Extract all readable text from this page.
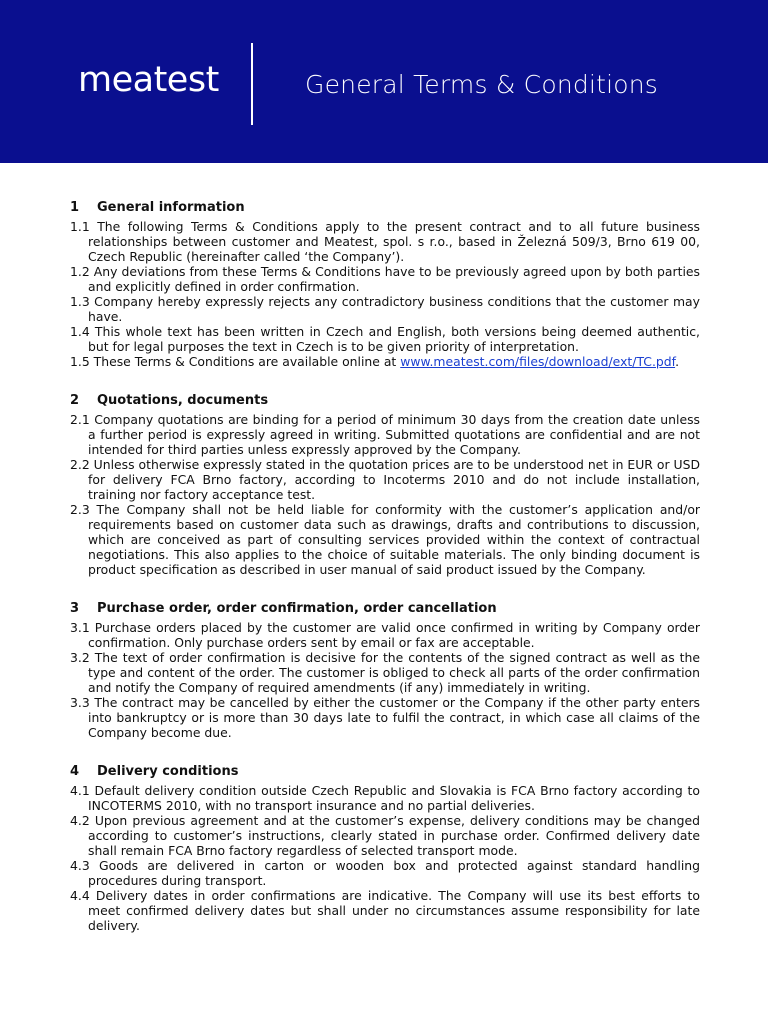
meatest	General Terms & Conditions
1	General information

1.1 The following Terms & Conditions apply to the present contract and to all future business relationships between customer and Meatest, spol. s r.o., based in Železná 509/3, Brno 619 00, Czech Republic (hereinafter called ‘the Company’).

1.2 Any deviations from these Terms & Conditions have to be previously agreed upon by both parties and explicitly defined in order confirmation.

1.3 Company hereby expressly rejects any contradictory business conditions that the customer may have.

1.4 This whole text has been written in Czech and English, both versions being deemed authentic, but for legal purposes the text in Czech is to be given priority of interpretation.

1.5 These Terms & Conditions are available online at www.meatest.com/files/download/ext/TC.pdf.

2	Quotations, documents

2.1 Company quotations are binding for a period of minimum 30 days from the creation date unless a further period is expressly agreed in writing. Submitted quotations are confidential and are not intended for third parties unless expressly approved by the Company.

2.2 Unless otherwise expressly stated in the quotation prices are to be understood net in EUR or USD for delivery FCA Brno factory, according to Incoterms 2010 and do not include installation, training nor factory acceptance test.

2.3 The Company shall not be held liable for conformity with the customer’s application and/or requirements based on customer data such as drawings, drafts and contributions to discussion, which are conceived as part of consulting services provided within the context of contractual negotiations. This also applies to the choice of suitable materials. The only binding document is product specification as described in user manual of said product issued by the Company.

3	Purchase order, order confirmation, order cancellation

3.1 Purchase orders placed by the customer are valid once confirmed in writing by Company order confirmation. Only purchase orders sent by email or fax are acceptable.

3.2 The text of order confirmation is decisive for the contents of the signed contract as well as the type and content of the order. The customer is obliged to check all parts of the order confirmation and notify the Company of required amendments (if any) immediately in writing.

3.3 The contract may be cancelled by either the customer or the Company if the other party enters into bankruptcy or is more than 30 days late to fulfil the contract, in which case all claims of the Company become due.

4	Delivery conditions

4.1 Default delivery condition outside Czech Republic and Slovakia is FCA Brno factory according to INCOTERMS 2010, with no transport insurance and no partial deliveries.

4.2 Upon previous agreement and at the customer’s expense, delivery conditions may be changed according to customer’s instructions, clearly stated in purchase order. Confirmed delivery date shall remain FCA Brno factory regardless of selected transport mode.

4.3 Goods are delivered in carton or wooden box and protected against standard handling procedures during transport.

4.4 Delivery dates in order confirmations are indicative. The Company will use its best efforts to meet confirmed delivery dates but shall under no circumstances assume responsibility for late delivery.
